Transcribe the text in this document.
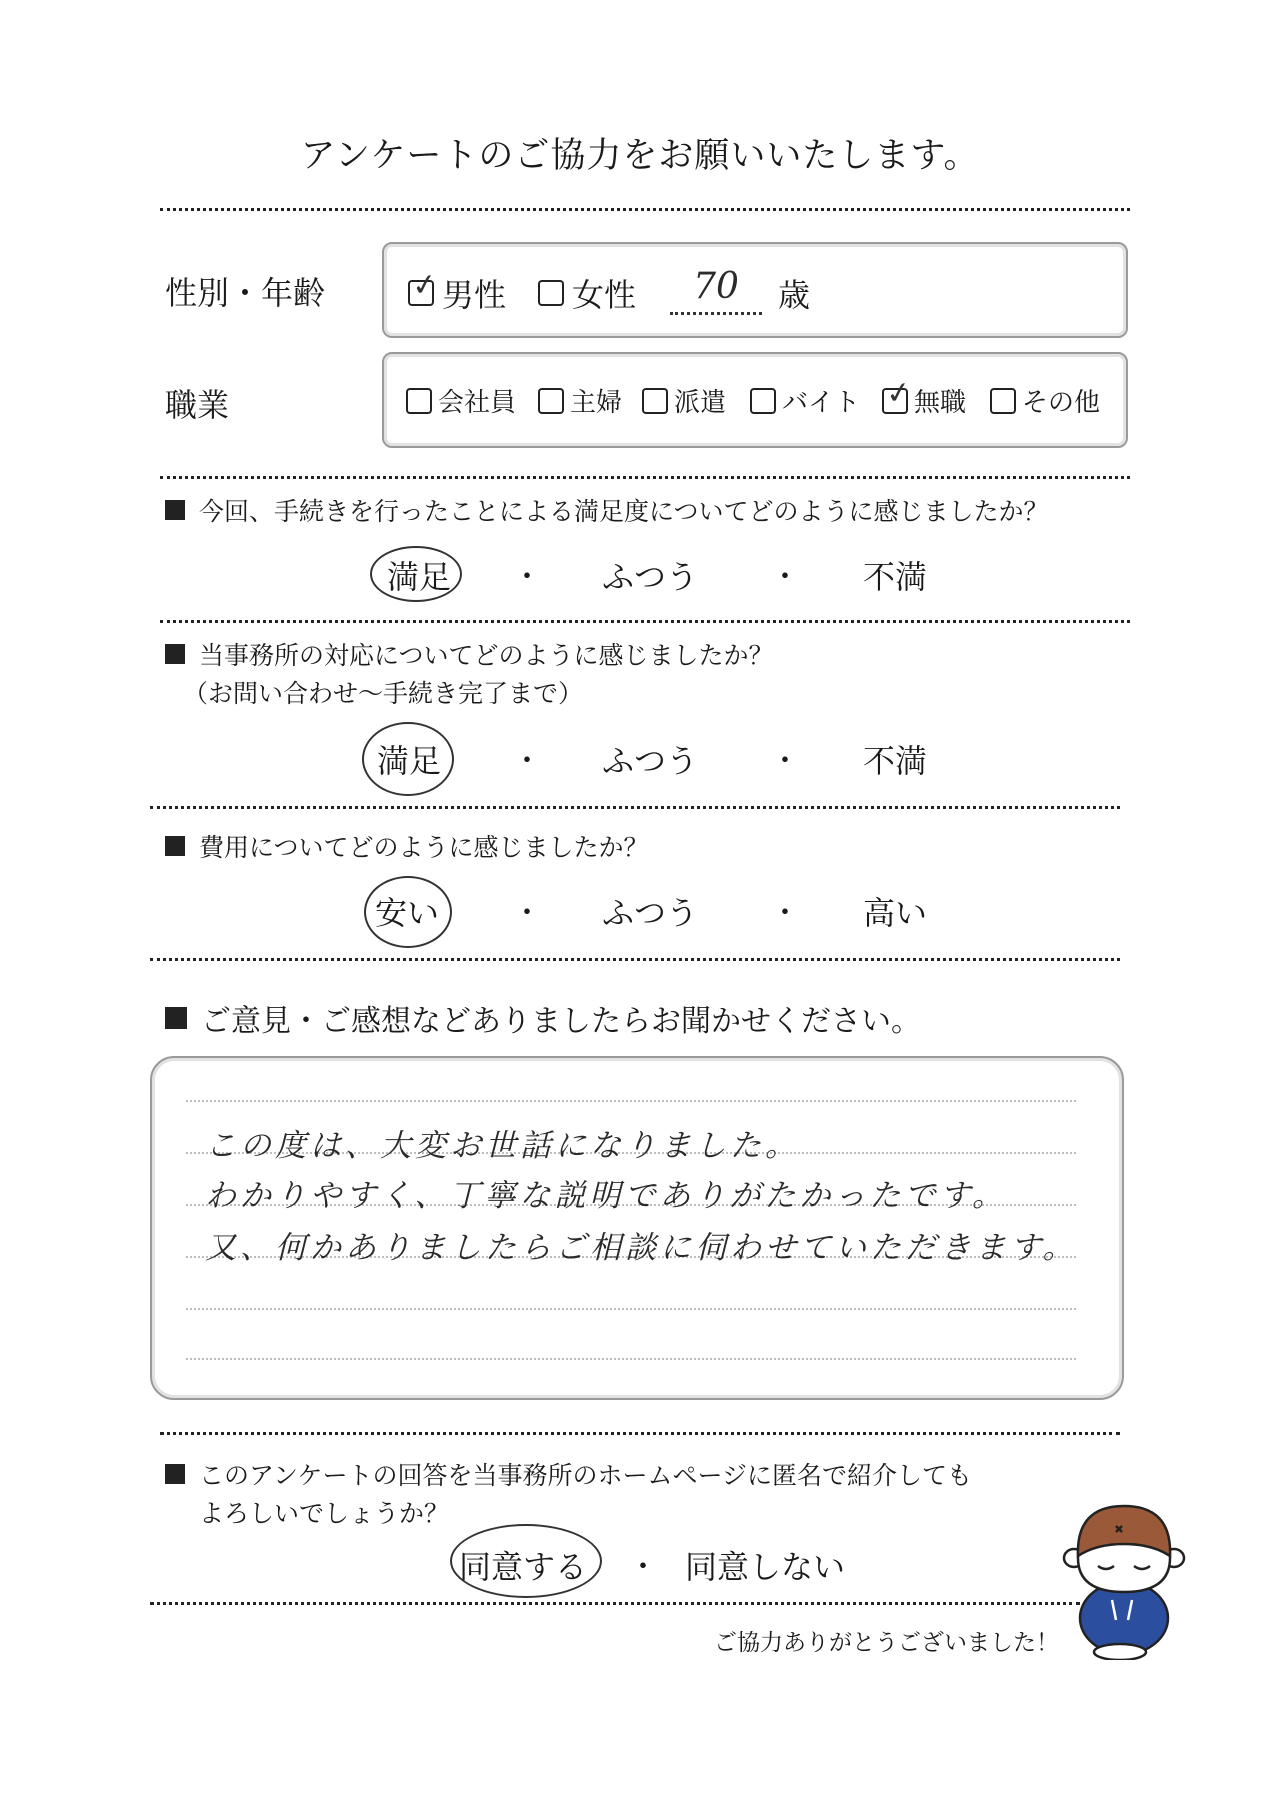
アンケートのご協力をお願いいたします。
性別・年齢	✓ 男性 女性	70	歳
職業	会社員 主婦 派遣 バイト ✓ 無職 その他
今回、手続きを行ったことによる満足度についてどのように感じましたか？
満足	・	ふつう	・	不満
当事務所の対応についてどのように感じましたか？
（お問い合わせ～手続き完了まで）
満足	・	ふつう	・	不満
費用についてどのように感じましたか？
安い	・	ふつう	・	高い
ご意見・ご感想などありましたらお聞かせください。
この度は、大変お世話になりました。
わかりやすく、丁寧な説明でありがたかったです。
又、何かありましたらご相談に伺わせていただきます。
このアンケートの回答を当事務所のホームページに匿名で紹介しても
よろしいでしょうか？
同意する	・ 同意しない
ご協力ありがとうございました！
